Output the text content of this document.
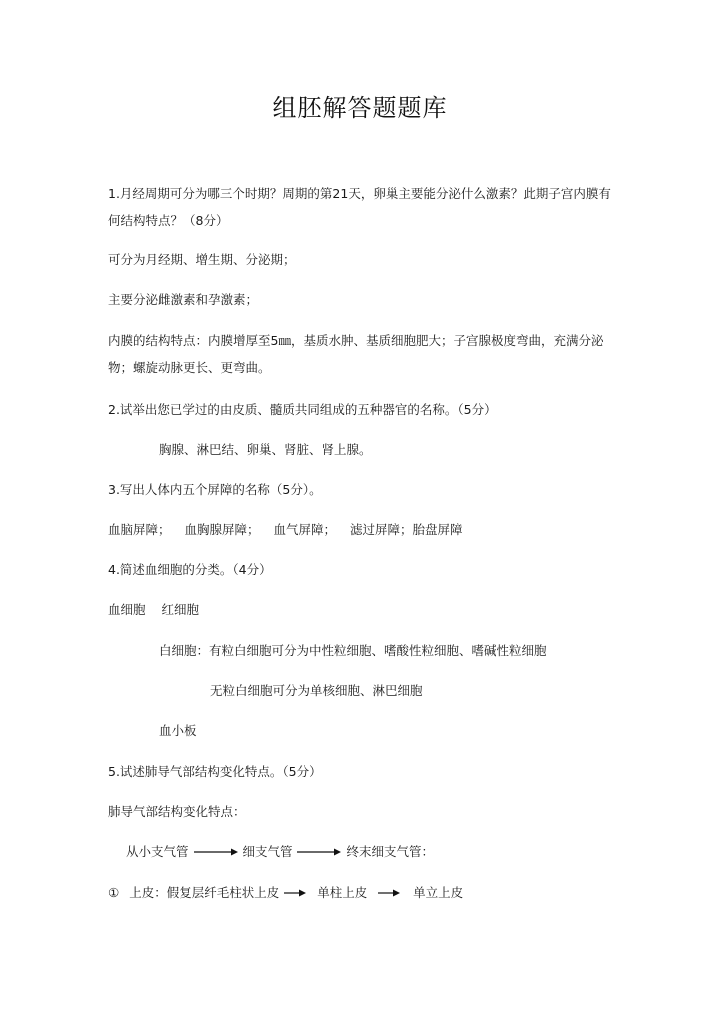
组胚解答题题库
1.月经周期可分为哪三个时期？周期的第21天，卵巢主要能分泌什么激素？此期子宫内膜有何结构特点？（8分）
可分为月经期、增生期、分泌期；
主要分泌雌激素和孕激素；
内膜的结构特点：内膜增厚至5㎜，基质水肿、基质细胞肥大；子宫腺极度弯曲，充满分泌物；螺旋动脉更长、更弯曲。
2.试举出您已学过的由皮质、髓质共同组成的五种器官的名称。（5分）
胸腺、淋巴结、卵巢、肾脏、肾上腺。
3.写出人体内五个屏障的名称（5分）。
血脑屏障； 血胸腺屏障； 血气屏障； 滤过屏障；胎盘屏障
4.简述血细胞的分类。（4分）
血细胞 红细胞
白细胞：有粒白细胞可分为中性粒细胞、嗜酸性粒细胞、嗜碱性粒细胞
无粒白细胞可分为单核细胞、淋巴细胞
血小板
5.试述肺导气部结构变化特点。（5分）
肺导气部结构变化特点：
从小支气管	细支气管	终末细支气管：
① 上皮：假复层纤毛柱状上皮	单柱上皮	单立上皮
